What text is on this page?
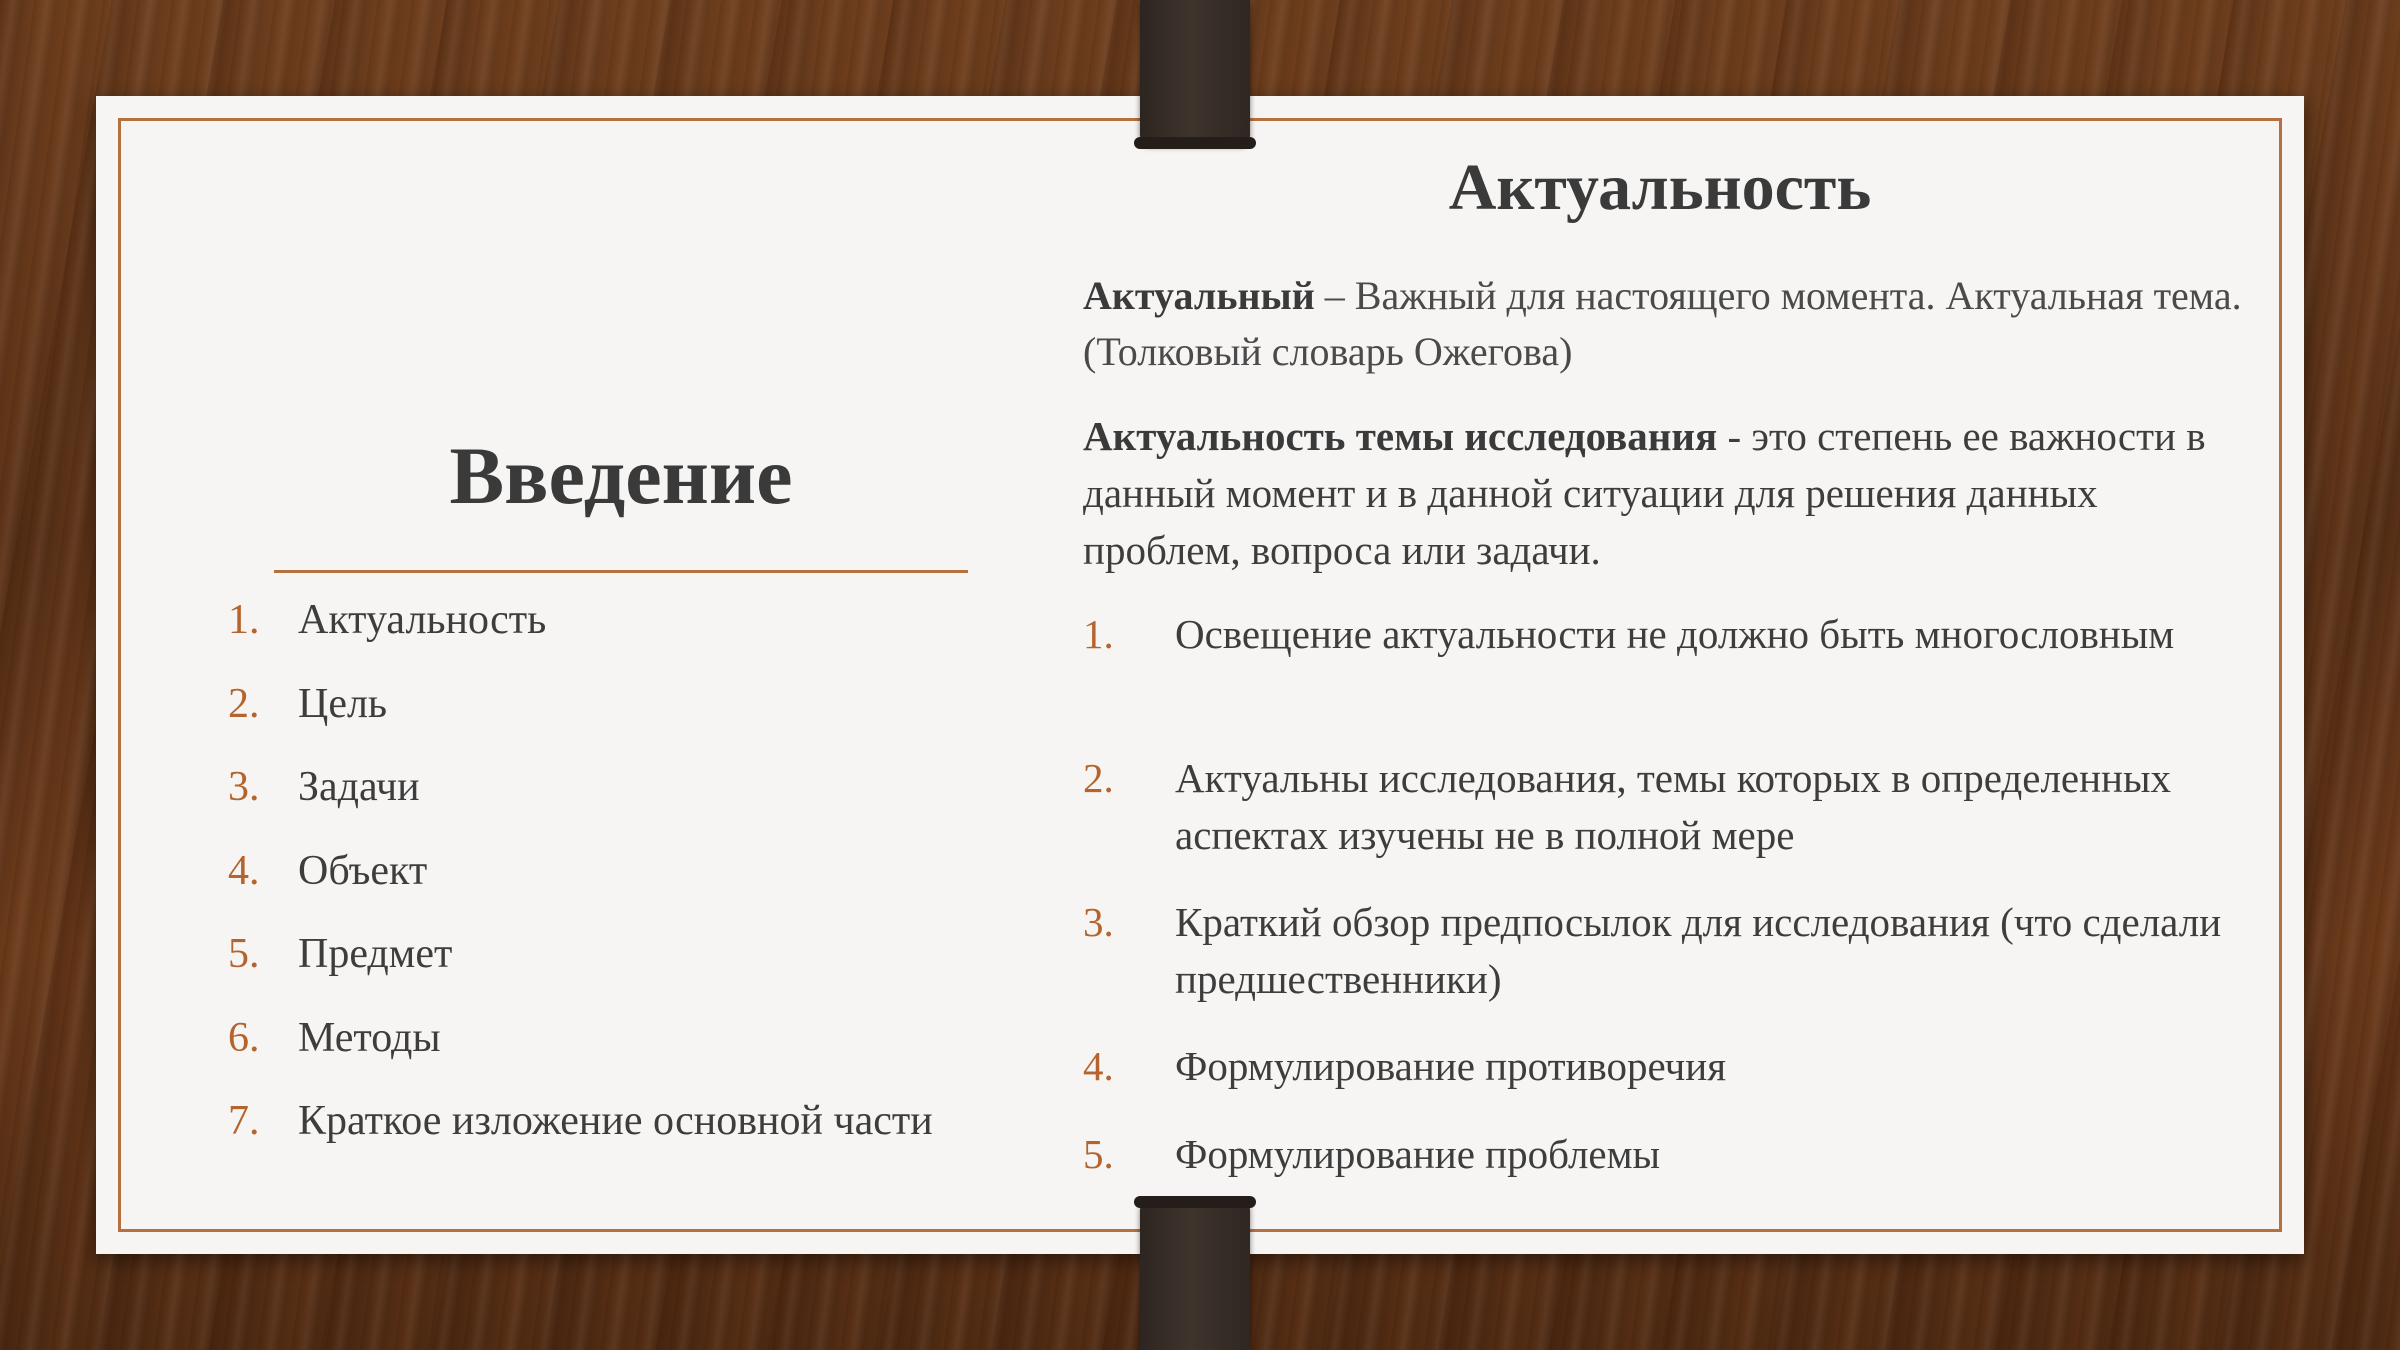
Введение
1. Актуальность
2. Цель
3. Задачи
4. Объект
5. Предмет
6. Методы
7. Краткое изложение основной части
Актуальность

Актуальный – Важный для настоящего момента. Актуальная тема. (Толковый словарь Ожегова)

Актуальность темы исследования - это степень ее важности в данный момент и в данной ситуации для решения данных проблем, вопроса или задачи.

1.	Освещение актуальности не должно быть многословным
2.	Актуальны исследования, темы которых в определенных аспектах изучены не в полной мере
3.	Краткий обзор предпосылок для исследования (что сделали предшественники)
4.	Формулирование противоречия
5.	Формулирование проблемы
